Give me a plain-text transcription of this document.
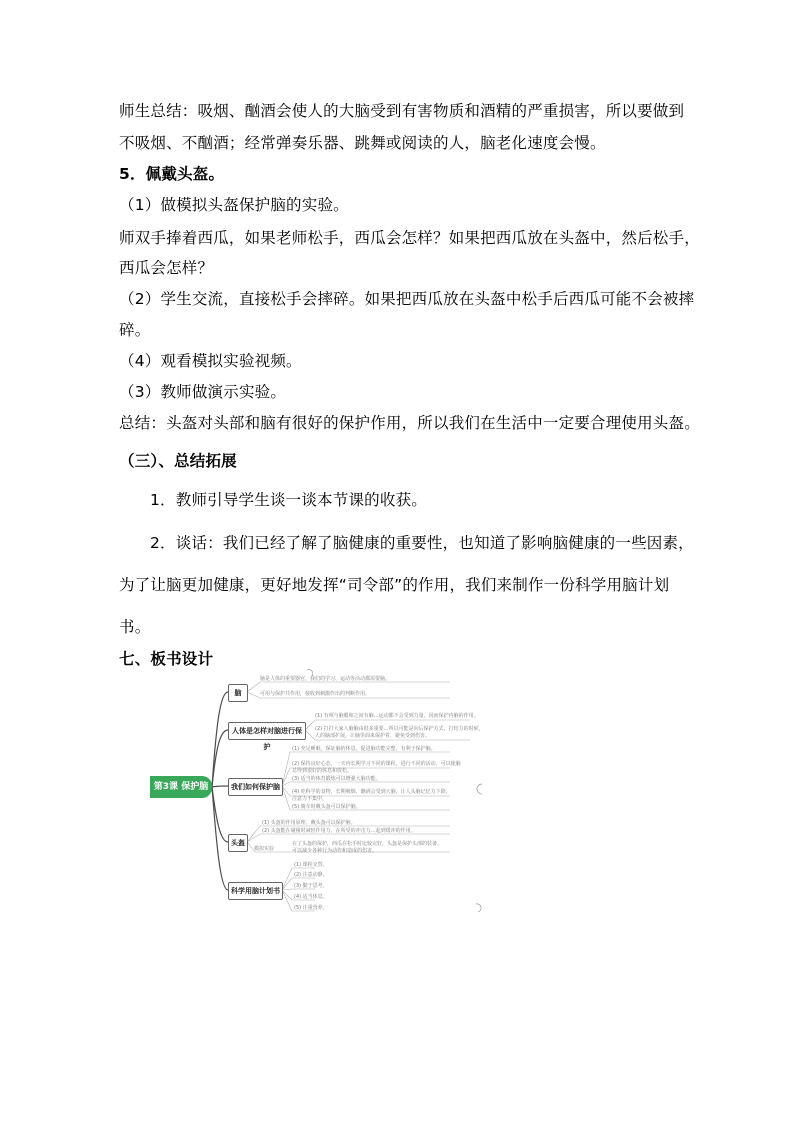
师生总结：吸烟、酗酒会使人的大脑受到有害物质和酒精的严重损害，所以要做到
不吸烟、不酗酒；经常弹奏乐器、跳舞或阅读的人，脑老化速度会慢。
5．佩戴头盔。
（1）做模拟头盔保护脑的实验。
师双手捧着西瓜，如果老师松手，西瓜会怎样？如果把西瓜放在头盔中，然后松手，
西瓜会怎样？
（2）学生交流，直接松手会摔碎。如果把西瓜放在头盔中松手后西瓜可能不会被摔
碎。
（4）观看模拟实验视频。
（3）教师做演示实验。
总结：头盔对头部和脑有很好的保护作用，所以我们在生活中一定要合理使用头盔。
（三）、总结拓展
1．教师引导学生谈一谈本节课的收获。
2．谈话：我们已经了解了脑健康的重要性，也知道了影响脑健康的一些因素，
为了让脑更加健康，更好地发挥“司令部”的作用，我们来制作一份科学用脑计划
书。
七、板书设计
第3课 保护脑
脑
脑是人体的重要器官，我们的学习、运动等活动都需要脑。
可用与保护共作用，接收到刺激作出的判断作用。
人体是怎样对脑进行保护
(1) 有颅与脑膜和之间有脑…运动都不会受到力量，因而保护内脑的作用。
(2) 打打大家人脑脑由很多重要…所以可能是向后保护方式，打结力的时候，
人的脑部扩展，让脑里面来保护着，避免受到伤害。
我们如何保护脑
(1) 充足睡眠，保证脑的休息，促进脑功能完整，有利于保护脑。
(2) 保持良好心态，一天内长期学习不同的课程，进行不同的活动，可以使脑
总得到很好的休息和放松。
(3) 适当的体育锻炼可以增强大脑功能。
(4) 吃科学的食物，长期吸烟、酗酒会受到大脑，让人头脑记忆力下降，
注意力不集中。
(5) 骑车时戴头盔可以保护脑。
头盔
(1) 头盔的作用原理，戴头盔可以保护脑。
(2) 头盔能在碰撞时减轻作用力，在所受的冲击力…起到缓冲的作用。
模拟实验
在了头盔的保护，西瓜在松手时比较完好，头盔是保护头部的装备。
可以减少各种行为动作和造成的伤害。
科学用脑计划书
(1) 课程交替。
(2) 注意动静。
(3) 勤于思考。
(4) 适当休息。
(5) 注重营养。
